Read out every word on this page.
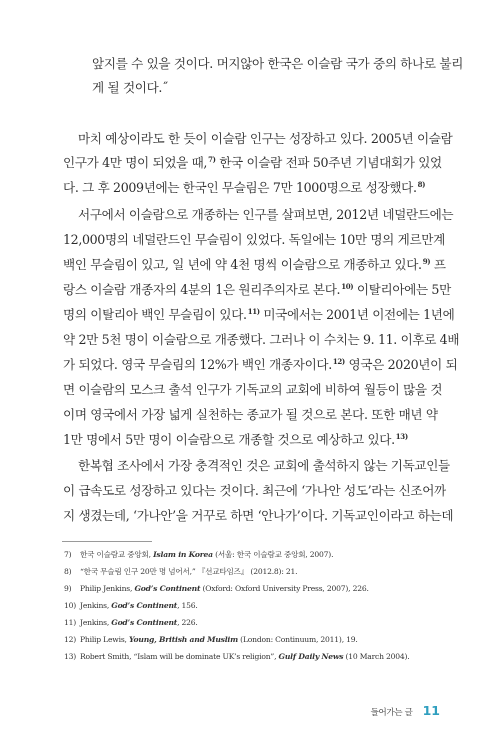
앞지를 수 있을 것이다. 머지않아 한국은 이슬람 국가 중의 하나로 불리
게 될 것이다.˝
마치 예상이라도 한 듯이 이슬람 인구는 성장하고 있다. 2005년 이슬람
인구가 4만 명이 되었을 때,$^{7)}$ 한국 이슬람 전파 50주년 기념대회가 있었
다. 그 후 2009년에는 한국인 무슬림은 7만 1000명으로 성장했다.$^{8)}$
서구에서 이슬람으로 개종하는 인구를 살펴보면, 2012년 네덜란드에는
12,000명의 네덜란드인 무슬림이 있었다. 독일에는 10만 명의 게르만계
백인 무슬림이 있고, 일 년에 약 4천 명씩 이슬람으로 개종하고 있다.$^{9)}$ 프
랑스 이슬람 개종자의 4분의 1은 원리주의자로 본다.$^{10)}$ 이탈리아에는 5만
명의 이탈리아 백인 무슬림이 있다.$^{11)}$ 미국에서는 2001년 이전에는 1년에
약 2만 5천 명이 이슬람으로 개종했다. 그러나 이 수치는 9. 11. 이후로 4배
가 되었다. 영국 무슬림의 12%가 백인 개종자이다.$^{12)}$ 영국은 2020년이 되
면 이슬람의 모스크 출석 인구가 기독교의 교회에 비하여 월등이 많을 것
이며 영국에서 가장 넓게 실천하는 종교가 될 것으로 본다. 또한 매년 약
1만 명에서 5만 명이 이슬람으로 개종할 것으로 예상하고 있다.$^{13)}$
한복협 조사에서 가장 충격적인 것은 교회에 출석하지 않는 기독교인들
이 급속도로 성장하고 있다는 것이다. 최근에 ‘가나안 성도’라는 신조어까
지 생겼는데, ‘가나안’을 거꾸로 하면 ‘안나가’이다. 기독교인이라고 하는데
7) 한국 이슬람교 중앙회, Islam in Korea (서울: 한국 이슬람교 중앙회, 2007).
8) “한국 무슬림 인구 20만 명 넘어서,” 『선교타임즈』 (2012.8): 21.
9) Philip Jenkins, God’s Continent (Oxford: Oxford University Press, 2007), 226.
10) Jenkins, God’s Continent, 156.
11) Jenkins, God’s Continent, 226.
12) Philip Lewis, Young, British and Muslim (London: Continuum, 2011), 19.
13) Robert Smith, “Islam will be dominate UK’s religion”, Gulf Daily News (10 March 2004).
들어가는 글 11
